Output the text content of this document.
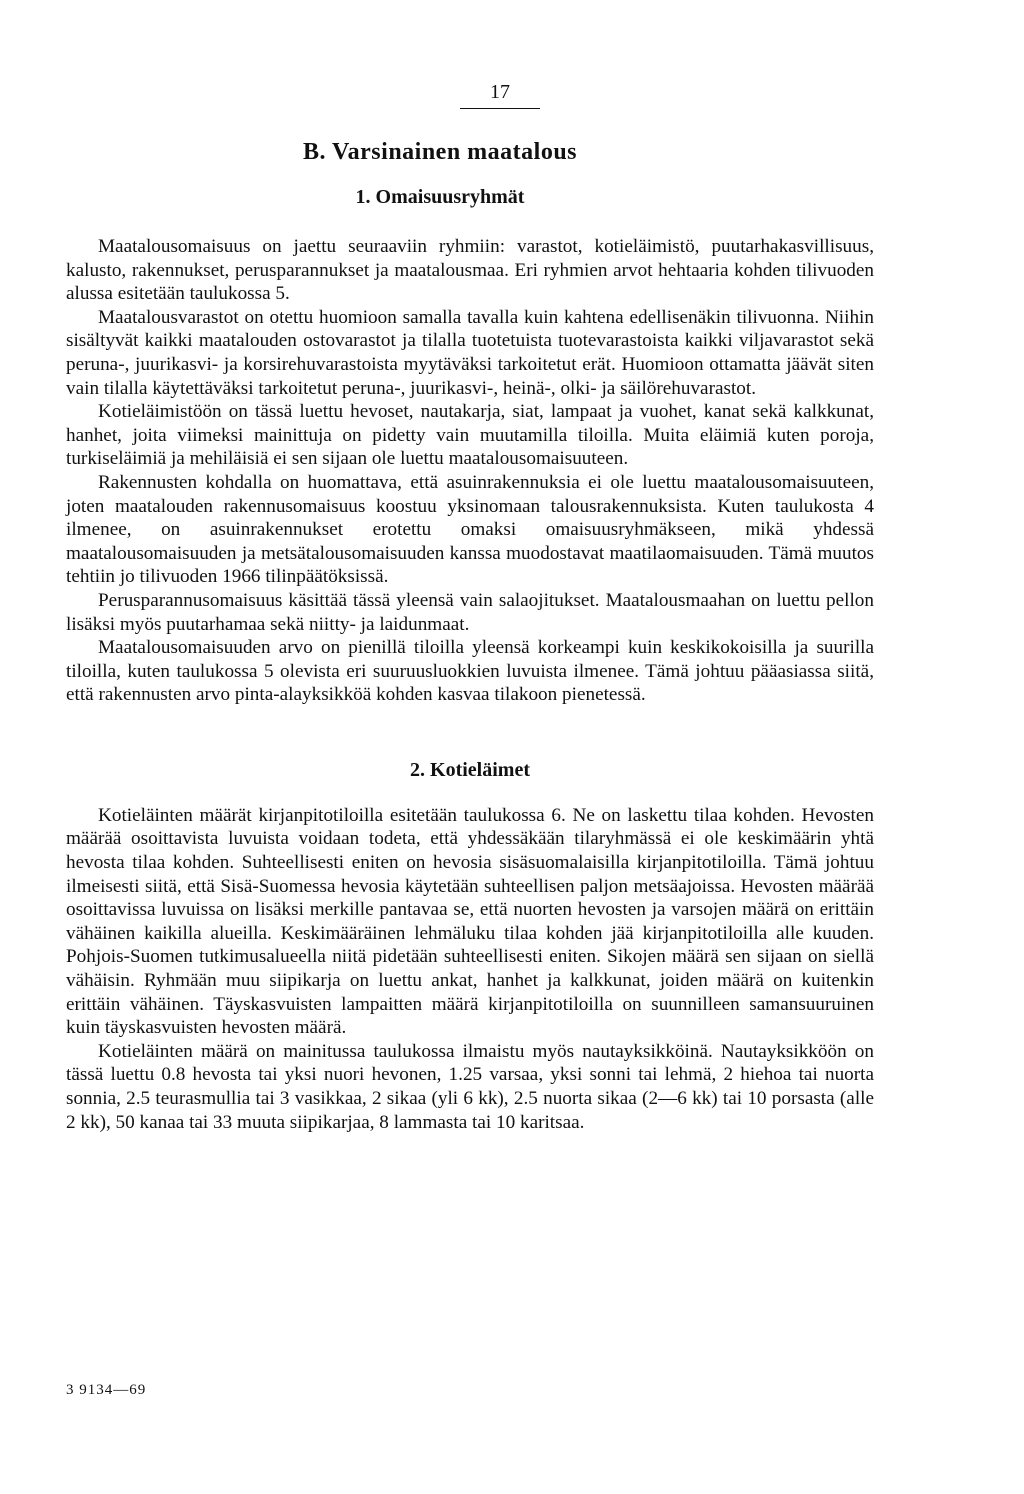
17
B. Varsinainen maatalous
1. Omaisuusryhmät

Maatalousomaisuus on jaettu seuraaviin ryhmiin: varastot, kotieläimistö, puutarhakasvillisuus, kalusto, rakennukset, perusparannukset ja maatalousmaa. Eri ryhmien arvot hehtaaria kohden tilivuoden alussa esitetään taulukossa 5.

Maatalousvarastot on otettu huomioon samalla tavalla kuin kahtena edellisenäkin tilivuonna. Niihin sisältyvät kaikki maatalouden ostovarastot ja tilalla tuotetuista tuotevarastoista kaikki viljavarastot sekä peruna-, juurikasvi- ja korsirehuvarastoista myytäväksi tarkoitetut erät. Huomioon ottamatta jäävät siten vain tilalla käytettäväksi tarkoitetut peruna-, juurikasvi-, heinä-, olki- ja säilörehuvarastot.

Kotieläimistöön on tässä luettu hevoset, nautakarja, siat, lampaat ja vuohet, kanat sekä kalkkunat, hanhet, joita viimeksi mainittuja on pidetty vain muutamilla tiloilla. Muita eläimiä kuten poroja, turkiseläimiä ja mehiläisiä ei sen sijaan ole luettu maatalousomaisuuteen.

Rakennusten kohdalla on huomattava, että asuinrakennuksia ei ole luettu maatalousomaisuuteen, joten maatalouden rakennusomaisuus koostuu yksinomaan talousrakennuksista. Kuten taulukosta 4 ilmenee, on asuinrakennukset erotettu omaksi omaisuusryhmäkseen, mikä yhdessä maatalousomaisuuden ja metsätalousomaisuuden kanssa muodostavat maatilaomaisuuden. Tämä muutos tehtiin jo tilivuoden 1966 tilinpäätöksissä.

Perusparannusomaisuus käsittää tässä yleensä vain salaojitukset. Maatalousmaahan on luettu pellon lisäksi myös puutarhamaa sekä niitty- ja laidunmaat.

Maatalousomaisuuden arvo on pienillä tiloilla yleensä korkeampi kuin keskikokoisilla ja suurilla tiloilla, kuten taulukossa 5 olevista eri suuruusluokkien luvuista ilmenee. Tämä johtuu pääasiassa siitä, että rakennusten arvo pinta-alayksikköä kohden kasvaa tilakoon pienetessä.

2. Kotieläimet

Kotieläinten määrät kirjanpitotiloilla esitetään taulukossa 6. Ne on laskettu tilaa kohden. Hevosten määrää osoittavista luvuista voidaan todeta, että yhdessäkään tilaryhmässä ei ole keskimäärin yhtä hevosta tilaa kohden. Suhteellisesti eniten on hevosia sisäsuomalaisilla kirjanpitotiloilla. Tämä johtuu ilmeisesti siitä, että Sisä-Suomessa hevosia käytetään suhteellisen paljon metsäajoissa. Hevosten määrää osoittavissa luvuissa on lisäksi merkille pantavaa se, että nuorten hevosten ja varsojen määrä on erittäin vähäinen kaikilla alueilla. Keskimääräinen lehmäluku tilaa kohden jää kirjanpitotiloilla alle kuuden. Pohjois-Suomen tutkimusalueella niitä pidetään suhteellisesti eniten. Sikojen määrä sen sijaan on siellä vähäisin. Ryhmään muu siipikarja on luettu ankat, hanhet ja kalkkunat, joiden määrä on kuitenkin erittäin vähäinen. Täyskasvuisten lampaitten määrä kirjanpitotiloilla on suunnilleen samansuuruinen kuin täyskasvuisten hevosten määrä.

Kotieläinten määrä on mainitussa taulukossa ilmaistu myös nautayksikköinä. Nautayksikköön on tässä luettu 0.8 hevosta tai yksi nuori hevonen, 1.25 varsaa, yksi sonni tai lehmä, 2 hiehoa tai nuorta sonnia, 2.5 teurasmullia tai 3 vasikkaa, 2 sikaa (yli 6 kk), 2.5 nuorta sikaa (2—6 kk) tai 10 porsasta (alle 2 kk), 50 kanaa tai 33 muuta siipikarjaa, 8 lammasta tai 10 karitsaa.

3 9134—69
